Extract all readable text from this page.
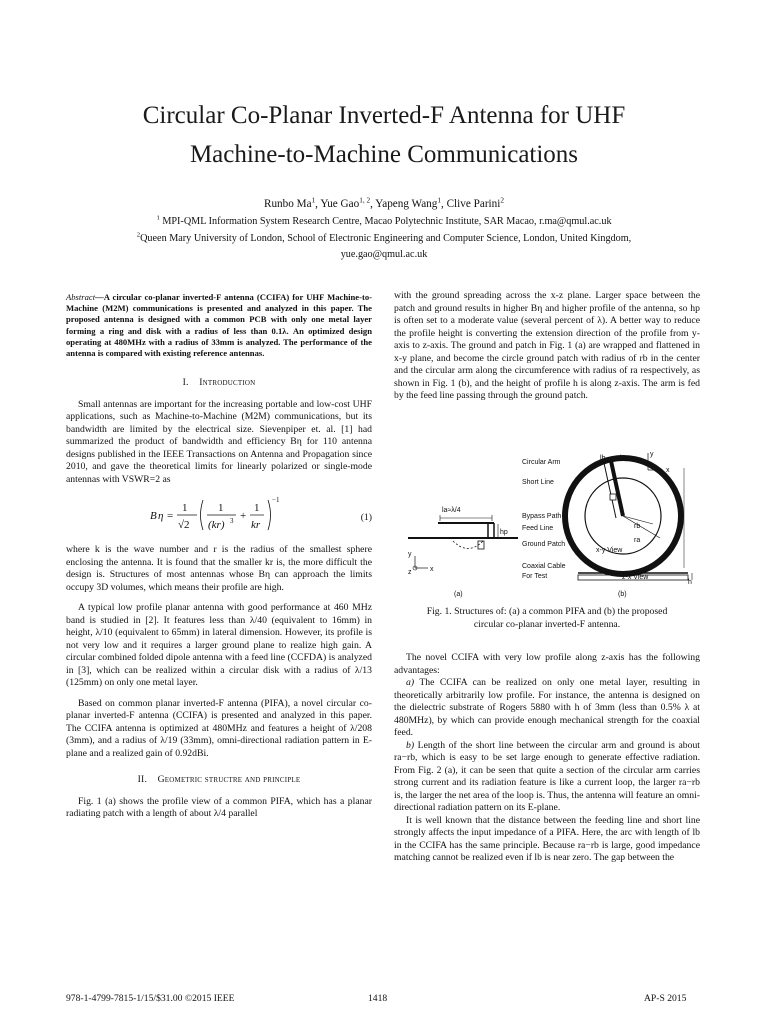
Circular Co-Planar Inverted-F Antenna for UHF
Machine-to-Machine Communications
Runbo Ma$^1$, Yue Gao$^{1, 2}$, Yapeng Wang$^1$, Clive Parini$^2$
$^1$ MPI-QML Information System Research Centre, Macao Polytechnic Institute, SAR Macao, r.ma@qmul.ac.uk
$^2$Queen Mary University of London, School of Electronic Engineering and Computer Science, London, United Kingdom,
yue.gao@qmul.ac.uk

Abstract—A circular co-planar inverted-F antenna (CCIFA) for UHF Machine-to-Machine (M2M) communications is presented and analyzed in this paper. The proposed antenna is designed with a common PCB with only one metal layer forming a ring and disk with a radius of less than 0.1λ. An optimized design operating at 480MHz with a radius of 33mm is analyzed. The performance of the antenna is compared with existing reference antennas.

I. Introduction

Small antennas are important for the increasing portable and low-cost UHF applications, such as Machine-to-Machine (M2M) communications, but its bandwidth are limited by the electrical size. Sievenpiper et. al. [1] had summarized the product of bandwidth and efficiency Bη for 110 antenna designs published in the IEEE Transactions on Antenna and Propagation since 2010, and gave the theoretical limits for linearly polarized or single-mode antennas with VSWR=2 as

B η =
1
√2
1
(kr) 3 +
1
kr
−1
(1)

where k is the wave number and r is the radius of the smallest sphere enclosing the antenna. It is found that the smaller kr is, the more difficult the design is. Structures of most antennas whose Bη can approach the limits occupy 3D volumes, which means their profile are high.

A typical low profile planar antenna with good performance at 460 MHz band is studied in [2]. It features less than λ/40 (equivalent to 16mm) in height, λ/10 (equivalent to 65mm) in lateral dimension. However, its profile is not very low and it requires a larger ground plane to realize high gain. A circular combined folded dipole antenna with a feed line (CCFDA) is analyzed in [3], which can be realized within a circular disk with a radius of λ/13 (125mm) on only one metal layer.

Based on common planar inverted-F antenna (PIFA), a novel circular co-planar inverted-F antenna (CCIFA) is presented and analyzed in this paper. The CCIFA antenna is optimized at 480MHz and features a height of λ/208 (3mm), and a radius of λ/19 (33mm), omni-directional radiation pattern in E-plane and a realized gain of 0.92dBi.

II. Geometric structre and principle

Fig. 1 (a) shows the profile view of a common PIFA, which has a planar radiating patch with a length of about λ/4 parallel

with the ground spreading across the x-z plane. Larger space between the patch and ground results in higher Bη and higher profile of the antenna, so hp is often set to a moderate value (several percent of λ). A better way to reduce the profile height is converting the extension direction of the profile from y-axis to z-axis. The ground and patch in Fig. 1 (a) are wrapped and flattened in x-y plane, and become the circle ground patch with radius of rb in the center and the circular arm along the circumference with radius of ra respectively, as shown in Fig. 1 (b), and the height of profile h is along z-axis. The arm is fed by the feed line passing through the ground patch.

la≈λ/4
hp
x
y
z
(a)
Circular Arm
Short Line
Bypass Path
Feed Line
Ground Patch
Coaxial Cable
For Test
x-y View
z-x View
lb l
y
x
ra
rb
h
(b)
Fig. 1. Structures of: (a) a common PIFA and (b) the proposed
circular co-planar inverted-F antenna.

The novel CCIFA with very low profile along z-axis has the following advantages:

a) The CCIFA can be realized on only one metal layer, resulting in theoretically arbitrarily low profile. For instance, the antenna is designed on the dielectric substrate of Rogers 5880 with h of 3mm (less than 0.5% λ at 480MHz), by which can provide enough mechanical strength for the coaxial feed.

b) Length of the short line between the circular arm and ground is about ra−rb, which is easy to be set large enough to generate effective radiation. From Fig. 2 (a), it can be seen that quite a section of the circular arm carries strong current and its radiation feature is like a current loop, the larger ra−rb is, the larger the net area of the loop is. Thus, the antenna will feature an omni-directional radiation pattern on its E-plane.

It is well known that the distance between the feeding line and short line strongly affects the input impedance of a PIFA. Here, the arc with length of lb in the CCIFA has the same principle. Because ra−rb is large, good impedance matching cannot be realized even if lb is near zero. The gap between the

978-1-4799-7815-1/15/$31.00 ©2015 IEEE	1418	AP-S 2015
